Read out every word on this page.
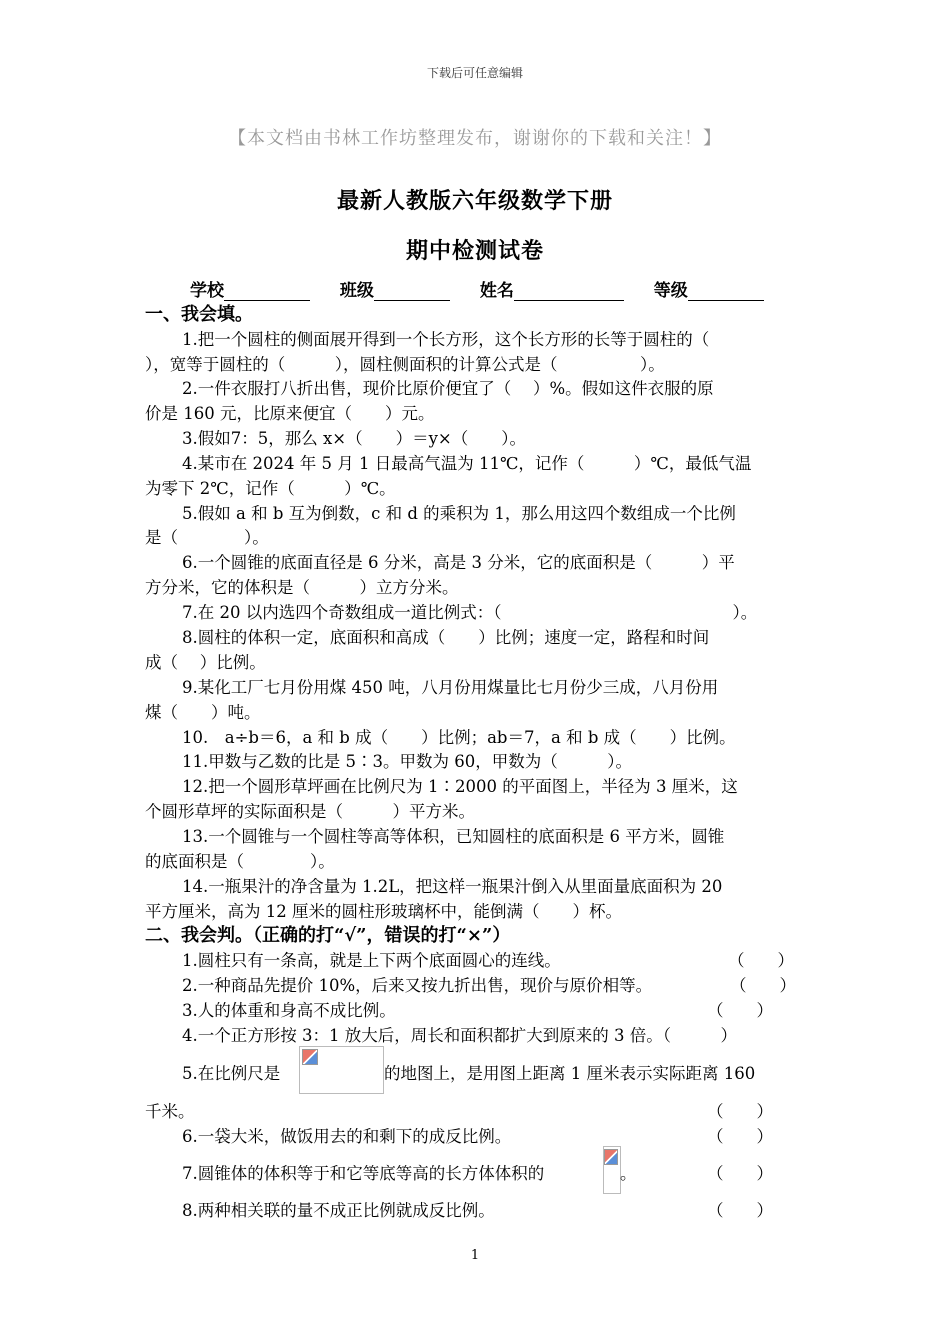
下载后可任意编辑
【本文档由书林工作坊整理发布，谢谢你的下载和关注！】
最新人教版六年级数学下册
期中检测试卷
学校	班级	姓名	等级
一、我会填。
1.把一个圆柱的侧面展开得到一个长方形，这个长方形的长等于圆柱的（
），宽等于圆柱的（　　　），圆柱侧面积的计算公式是（　　　　　）。
2.一件衣服打八折出售，现价比原价便宜了（　 ）%。假如这件衣服的原
价是 160 元，比原来便宜（　　）元。
3.假如7：5，那么 x×（　　）＝y×（　　）。
4.某市在 2024 年 5 月 1 日最高气温为 11℃，记作（　　　）℃，最低气温
为零下 2℃，记作（　　　）℃。
5.假如 a 和 b 互为倒数，c 和 d 的乘积为 1，那么用这四个数组成一个比例
是（　　　　）。
6.一个圆锥的底面直径是 6 分米，高是 3 分米，它的底面积是（　　　）平
方分米，它的体积是（　　　）立方分米。
7.在 20 以内选四个奇数组成一道比例式：（　　　　　　　　　　　　　　）。
8.圆柱的体积一定，底面积和高成（　　）比例；速度一定，路程和时间
成（　 ）比例。
9.某化工厂七月份用煤 450 吨，八月份用煤量比七月份少三成，八月份用
煤（　　）吨。
10.　a÷b＝6，a 和 b 成（　　）比例；ab＝7，a 和 b 成（　　）比例。
11.甲数与乙数的比是 5∶3。甲数为 60，甲数为（　　　）。
12.把一个圆形草坪画在比例尺为 1∶2000 的平面图上，半径为 3 厘米，这
个圆形草坪的实际面积是（　　　）平方米。
13.一个圆锥与一个圆柱等高等体积，已知圆柱的底面积是 6 平方米，圆锥
的底面积是（　　　　）。
14.一瓶果汁的净含量为 1.2L，把这样一瓶果汁倒入从里面量底面积为 20
平方厘米，高为 12 厘米的圆柱形玻璃杯中，能倒满（　　）杯。
二、我会判。（正确的打“√”，错误的打“×”）
1.圆柱只有一条高，就是上下两个底面圆心的连线。	（　　）
2.一种商品先提价 10%，后来又按九折出售，现价与原价相等。	（　　）
3.人的体重和身高不成比例。	（　　）
4.一个正方形按 3：1 放大后，周长和面积都扩大到原来的 3 倍。（　　　）
5.在比例尺是	的地图上，是用图上距离 1 厘米表示实际距离 160
千米。	（　　）
6.一袋大米，做饭用去的和剩下的成反比例。	（　　）
7.圆锥体的体积等于和它等底等高的长方体体积的	。	（　　）
8.两种相关联的量不成正比例就成反比例。	（　　）
1
